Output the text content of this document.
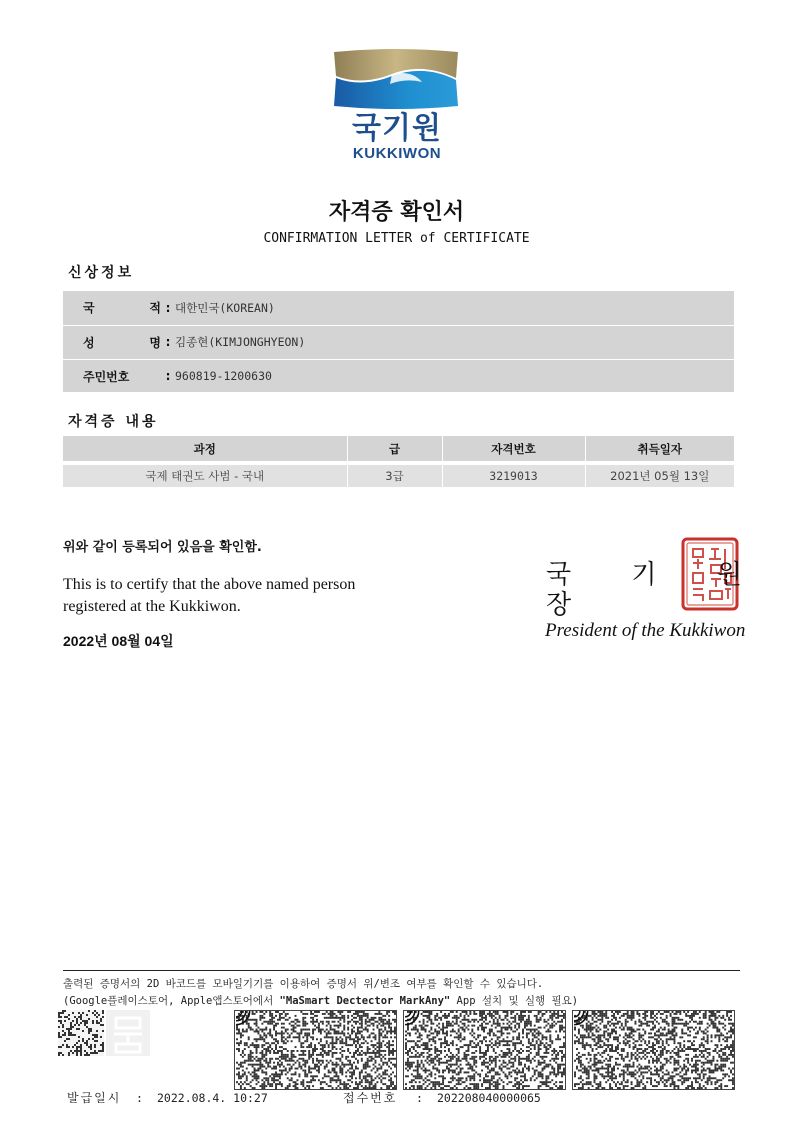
국기원
KUKKIWON
자격증 확인서
CONFIRMATION LETTER of CERTIFICATE
신상정보
국	적 : 대한민국(KOREAN)
성	명 : 김종현(KIMJONGHYEON)
주민번호	: 960819-1200630
자격증 내용
과정	급	자격번호	취득일자

국제 태권도 사범 - 국내	3급	3219013	2021년 05월 13일
위와 같이 등록되어 있음을 확인함.
This is to certify that the above named person
registered at the Kukkiwon.
2022년 08월 04일
국 기 원 장
President of the Kukkiwon
출력된 증명서의 2D 바코드를 모바일기기를 이용하여 증명서 위/변조 여부를 확인할 수 있습니다.
(Google플레이스토어, Apple앱스토어에서 "MaSmart Dectector MarkAny" App 설치 및 실행 필요)
발급일시 : 2022.08.4. 10:27	접수번호 : 202208040000065
